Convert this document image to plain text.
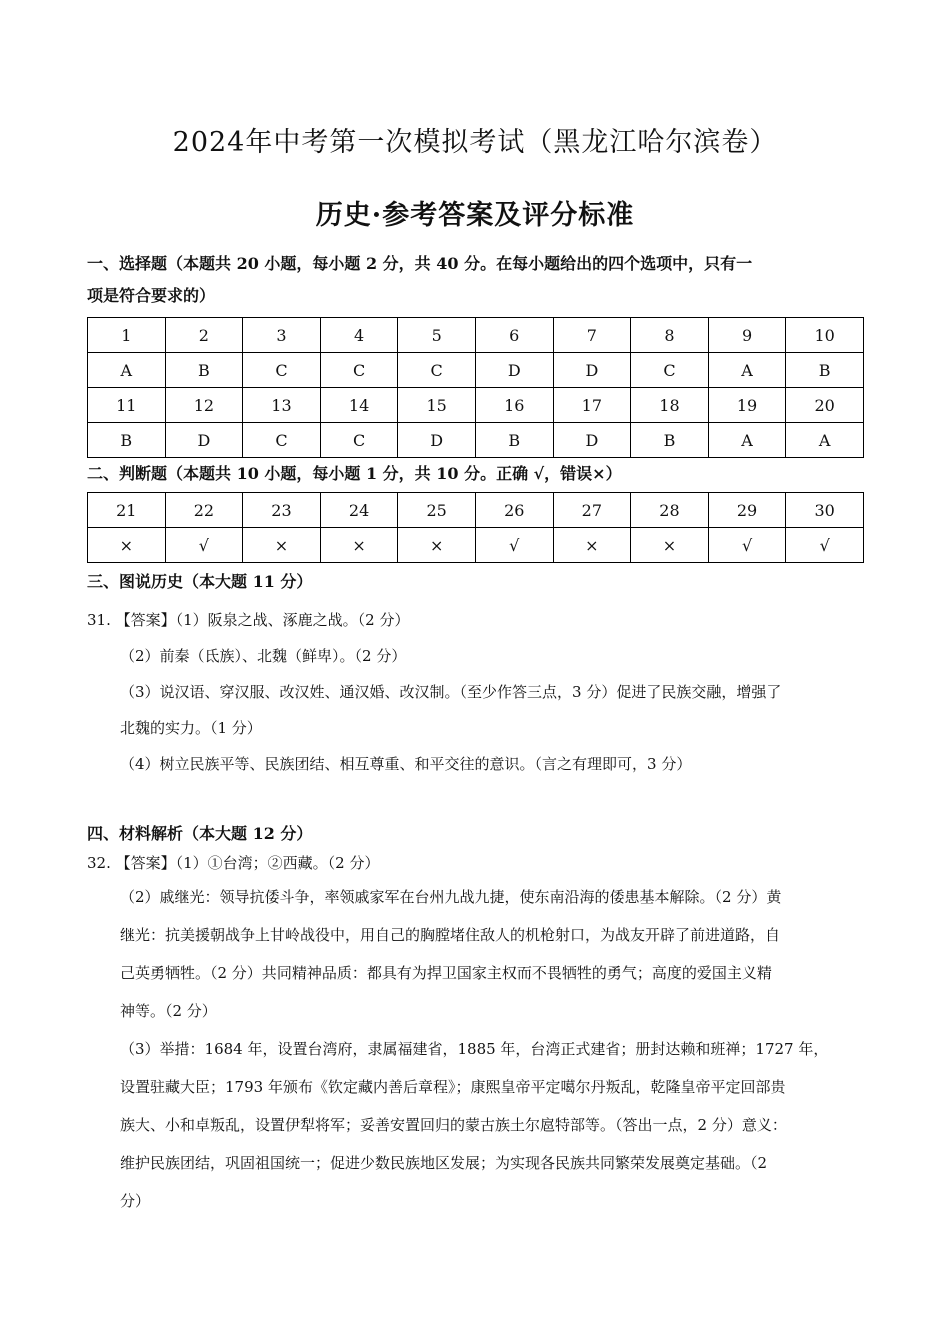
2024年中考第一次模拟考试（黑龙江哈尔滨卷）
历史·参考答案及评分标准
一、选择题（本题共 20 小题，每小题 2 分，共 40 分。在每小题给出的四个选项中，只有一
项是符合要求的）
1	2	3	4	5	6	7	8	9	10
A	B	C	C	C	D	D	C	A	B
11	12	13	14	15	16	17	18	19	20
B	D	C	C	D	B	D	B	A	A
二、判断题（本题共 10 小题，每小题 1 分，共 10 分。正确 √，错误×）
21	22	23	24	25	26	27	28	29	30
×	√	×	×	×	√	×	×	√	√
三、图说历史（本大题 11 分）
31. 【答案】（1）阪泉之战、涿鹿之战。（2 分）
（2）前秦（氐族）、北魏（鲜卑）。（2 分）
（3）说汉语、穿汉服、改汉姓、通汉婚、改汉制。（至少作答三点，3 分）促进了民族交融，增强了
北魏的实力。（1 分）
（4）树立民族平等、民族团结、相互尊重、和平交往的意识。（言之有理即可，3 分）
四、材料解析（本大题 12 分）
32. 【答案】（1）①台湾；②西藏。（2 分）
（2）戚继光：领导抗倭斗争，率领戚家军在台州九战九捷，使东南沿海的倭患基本解除。（2 分）黄
继光：抗美援朝战争上甘岭战役中，用自己的胸膛堵住敌人的机枪射口，为战友开辟了前进道路，自
己英勇牺牲。（2 分）共同精神品质：都具有为捍卫国家主权而不畏牺牲的勇气；高度的爱国主义精
神等。（2 分）
（3）举措：1684 年，设置台湾府，隶属福建省，1885 年，台湾正式建省；册封达赖和班禅；1727 年，
设置驻藏大臣；1793 年颁布《钦定藏内善后章程》；康熙皇帝平定噶尔丹叛乱，乾隆皇帝平定回部贵
族大、小和卓叛乱，设置伊犁将军；妥善安置回归的蒙古族土尔扈特部等。（答出一点，2 分）意义：
维护民族团结，巩固祖国统一；促进少数民族地区发展；为实现各民族共同繁荣发展奠定基础。（2
分）
